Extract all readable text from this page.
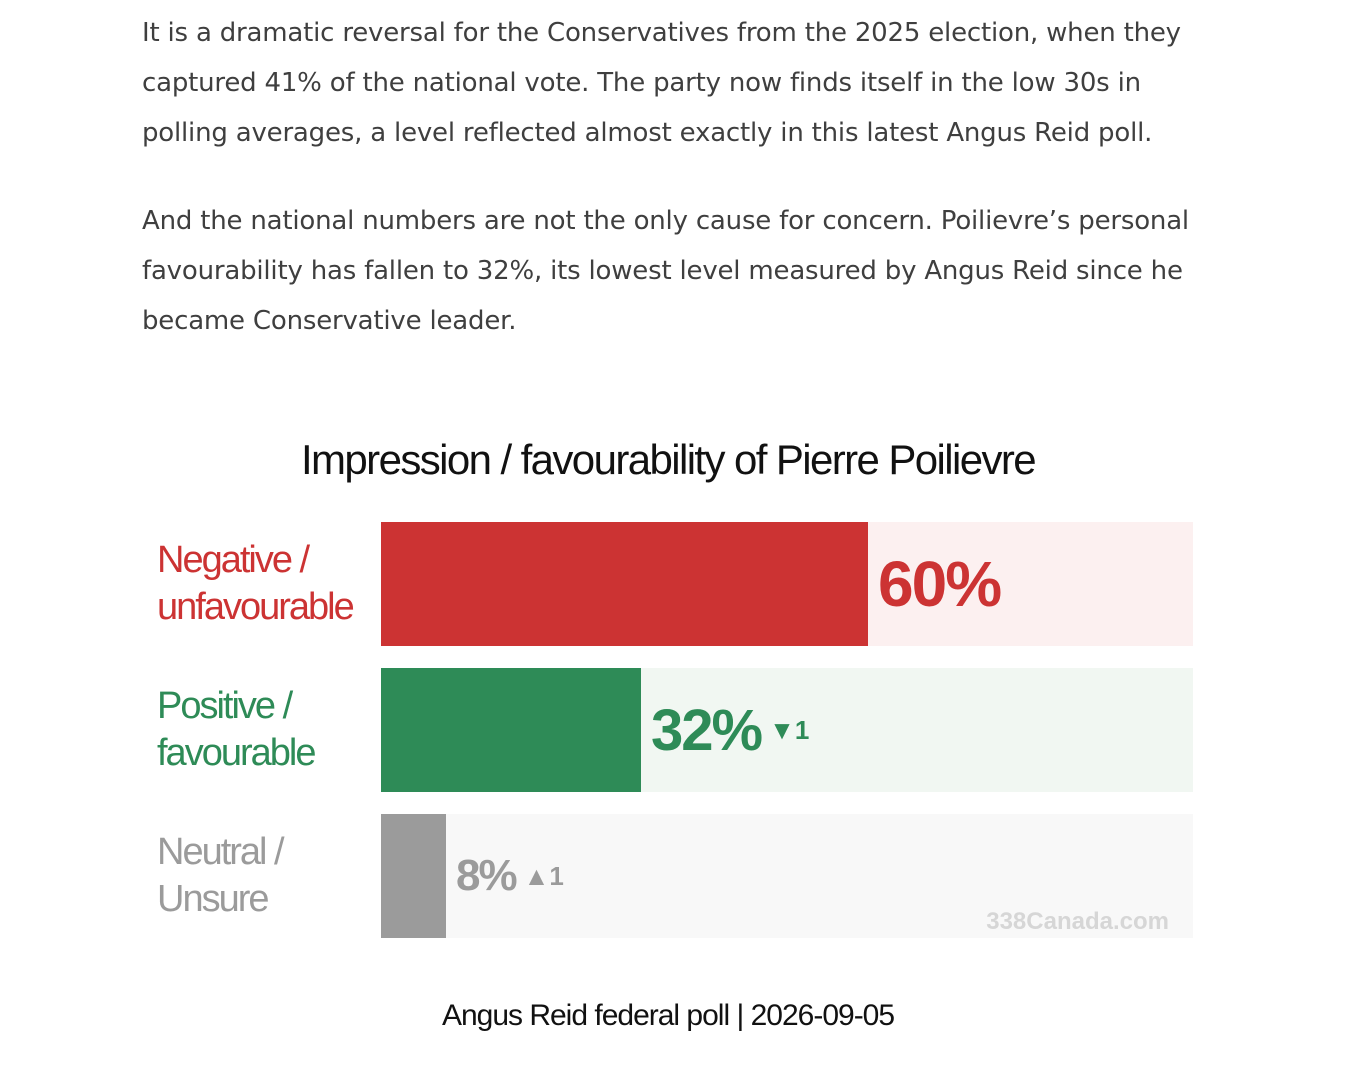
It is a dramatic reversal for the Conservatives from the 2025 election, when they captured 41% of the national vote. The party now finds itself in the low 30s in polling averages, a level reflected almost exactly in this latest Angus Reid poll.

And the national numbers are not the only cause for concern. Poilievre’s personal favourability has fallen to 32%, its lowest level measured by Angus Reid since he became Conservative leader.

Impression / favourability of Pierre Poilievre
Negative /
unfavourable	60%
Positive /
favourable	32% ▼1
Neutral /
Unsure	8% ▲1
338Canada.com
Angus Reid federal poll | 2026-09-05
